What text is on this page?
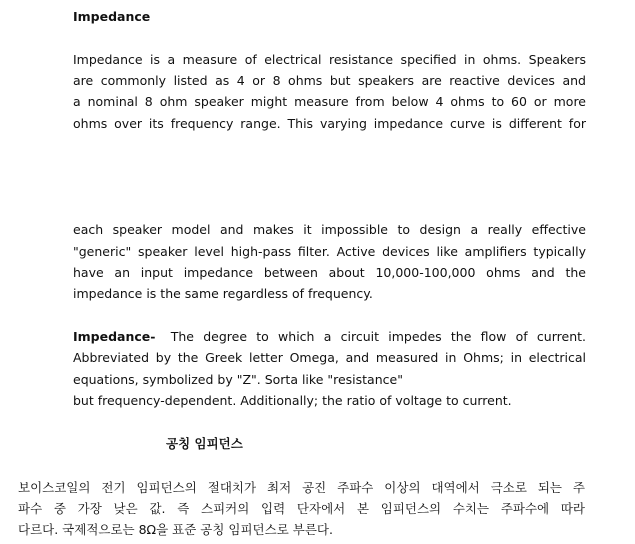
Impedance
Impedance is a measure of electrical resistance specified in ohms. Speakers
are commonly listed as 4 or 8 ohms but speakers are reactive devices and
a nominal 8 ohm speaker might measure from below 4 ohms to 60 or more
ohms over its frequency range. This varying impedance curve is different for
each speaker model and makes it impossible to design a really effective
"generic" speaker level high-pass filter. Active devices like amplifiers typically
have an input impedance between about 10,000-100,000 ohms and the
impedance is the same regardless of frequency.
Impedance- The degree to which a circuit impedes the flow of current.
Abbreviated by the Greek letter Omega, and measured in Ohms; in electrical
equations, symbolized by "Z". Sorta like "resistance"
but frequency-dependent. Additionally; the ratio of voltage to current.
공칭 임피던스
보이스코일의 전기 임피던스의 절대치가 최저 공진 주파수 이상의 대역에서 극소로 되는 주
파수 중 가장 낮은 값. 즉 스피커의 입력 단자에서 본 임피던스의 수치는 주파수에 따라
다르다. 국제적으로는 8Ω을 표준 공칭 임피던스로 부른다.
